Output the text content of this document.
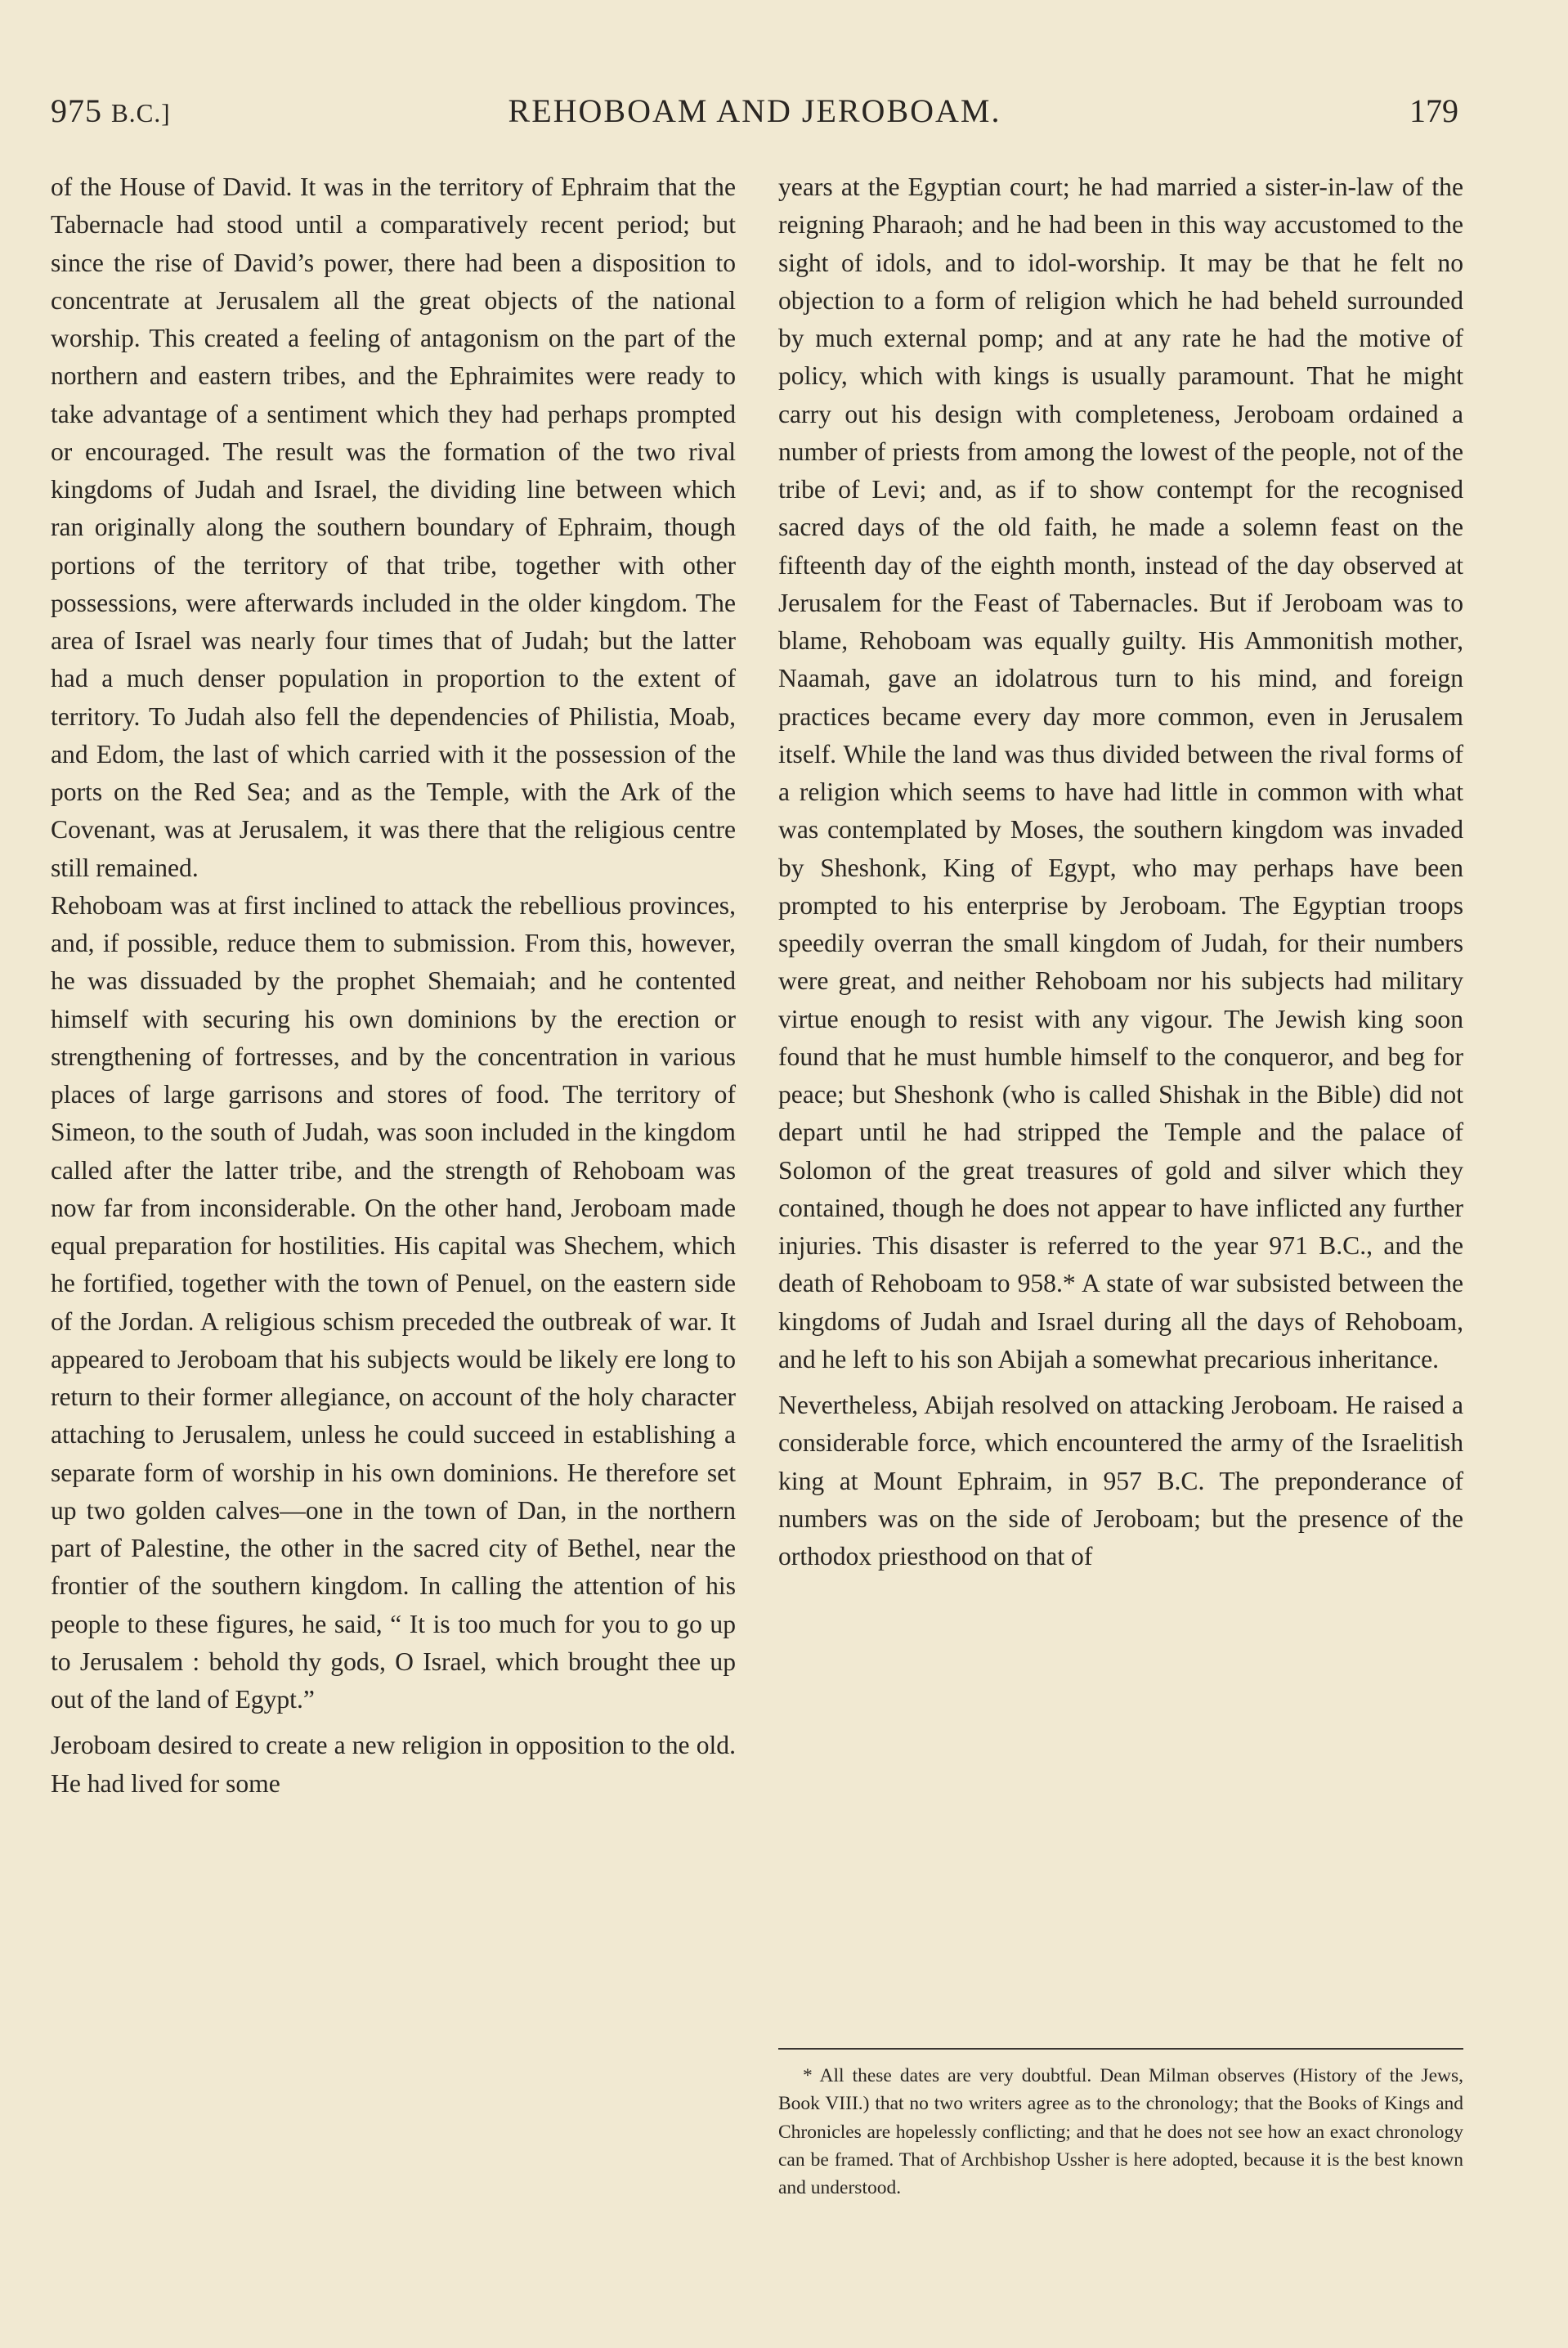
975 B.C.]	REHOBOAM AND JEROBOAM.	179

of the House of David. It was in the territory of Ephraim that the Tabernacle had stood until a comparatively recent period; but since the rise of David’s power, there had been a disposition to concentrate at Jerusalem all the great objects of the national worship. This created a feeling of antagonism on the part of the northern and eastern tribes, and the Ephraimites were ready to take advantage of a sentiment which they had perhaps prompted or encouraged. The result was the formation of the two rival kingdoms of Judah and Israel, the dividing line between which ran originally along the southern boundary of Ephraim, though portions of the territory of that tribe, together with other possessions, were afterwards included in the older kingdom. The area of Israel was nearly four times that of Judah; but the latter had a much denser population in proportion to the extent of territory. To Judah also fell the dependencies of Philistia, Moab, and Edom, the last of which carried with it the possession of the ports on the Red Sea; and as the Temple, with the Ark of the Covenant, was at Jerusalem, it was there that the religious centre still remained.

Rehoboam was at first inclined to attack the rebellious provinces, and, if possible, reduce them to submission. From this, however, he was dissuaded by the prophet Shemaiah; and he contented himself with securing his own dominions by the erection or strengthening of fortresses, and by the concentration in various places of large garrisons and stores of food. The territory of Simeon, to the south of Judah, was soon included in the kingdom called after the latter tribe, and the strength of Rehoboam was now far from inconsiderable. On the other hand, Jeroboam made equal preparation for hostilities. His capital was Shechem, which he fortified, together with the town of Penuel, on the eastern side of the Jordan. A religious schism preceded the outbreak of war. It appeared to Jeroboam that his subjects would be likely ere long to return to their former allegiance, on account of the holy character attaching to Jerusalem, unless he could succeed in establishing a separate form of worship in his own dominions. He therefore set up two golden calves—one in the town of Dan, in the northern part of Palestine, the other in the sacred city of Bethel, near the frontier of the southern kingdom. In calling the attention of his people to these figures, he said, “ It is too much for you to go up to Jerusalem : behold thy gods, O Israel, which brought thee up out of the land of Egypt.”

Jeroboam desired to create a new religion in opposition to the old. He had lived for some

years at the Egyptian court; he had married a sister-in-law of the reigning Pharaoh; and he had been in this way accustomed to the sight of idols, and to idol-worship. It may be that he felt no objection to a form of religion which he had beheld surrounded by much external pomp; and at any rate he had the motive of policy, which with kings is usually paramount. That he might carry out his design with completeness, Jeroboam ordained a number of priests from among the lowest of the people, not of the tribe of Levi; and, as if to show contempt for the recognised sacred days of the old faith, he made a solemn feast on the fifteenth day of the eighth month, instead of the day observed at Jerusalem for the Feast of Tabernacles. But if Jeroboam was to blame, Rehoboam was equally guilty. His Ammonitish mother, Naamah, gave an idolatrous turn to his mind, and foreign practices became every day more common, even in Jerusalem itself. While the land was thus divided between the rival forms of a religion which seems to have had little in common with what was contemplated by Moses, the southern kingdom was invaded by Sheshonk, King of Egypt, who may perhaps have been prompted to his enterprise by Jeroboam. The Egyptian troops speedily overran the small kingdom of Judah, for their numbers were great, and neither Rehoboam nor his subjects had military virtue enough to resist with any vigour. The Jewish king soon found that he must humble himself to the conqueror, and beg for peace; but Sheshonk (who is called Shishak in the Bible) did not depart until he had stripped the Temple and the palace of Solomon of the great treasures of gold and silver which they contained, though he does not appear to have inflicted any further injuries. This disaster is referred to the year 971 B.C., and the death of Rehoboam to 958.* A state of war subsisted between the kingdoms of Judah and Israel during all the days of Rehoboam, and he left to his son Abijah a somewhat precarious inheritance.

Nevertheless, Abijah resolved on attacking Jeroboam. He raised a considerable force, which encountered the army of the Israelitish king at Mount Ephraim, in 957 B.C. The preponderance of numbers was on the side of Jeroboam; but the presence of the orthodox priesthood on that of

* All these dates are very doubtful. Dean Milman observes (History of the Jews, Book VIII.) that no two writers agree as to the chronology; that the Books of Kings and Chronicles are hopelessly conflicting; and that he does not see how an exact chronology can be framed. That of Archbishop Ussher is here adopted, because it is the best known and understood.
